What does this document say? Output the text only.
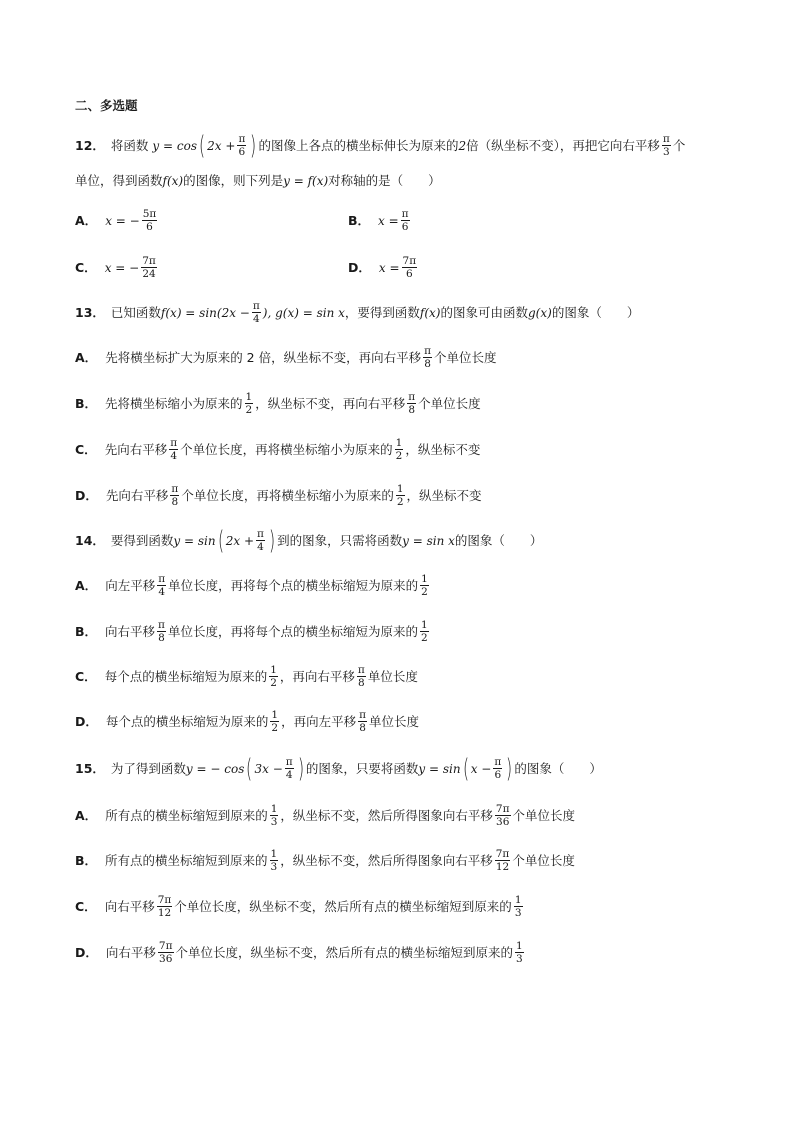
二、多选题
12． 将函数 y = cos ( $2x + \frac{\pi}{6}$ ) 的图像上各点的横坐标伸长为原来的 2 倍（纵坐标不变），再把它向右平移 $\frac{\pi}{3}$ 个
单位，得到函数 f(x) 的图像，则下列是 y = f(x) 对称轴的是（　　）
A． x = − $\frac{5\pi}{6}$	B． $x = \frac{\pi}{6}$
C． x = − $\frac{7\pi}{24}$	D． $x = \frac{7\pi}{6}$
13． 已知函数 $f(x) = \sin(2x - \frac{\pi}{4}$ ), g(x) = sin x ，要得到函数 f(x) 的图象可由函数 g(x) 的图象（　　）
A． 先将横坐标扩大为原来的 2 倍，纵坐标不变，再向右平移 $\frac{\pi}{8}$ 个单位长度
B． 先将横坐标缩小为原来的 $\frac{1}{2}$ ，纵坐标不变，再向右平移 $\frac{\pi}{8}$ 个单位长度
C． 先向右平移 $\frac{\pi}{4}$ 个单位长度，再将横坐标缩小为原来的 $\frac{1}{2}$ ，纵坐标不变
D． 先向右平移 $\frac{\pi}{8}$ 个单位长度，再将横坐标缩小为原来的 $\frac{1}{2}$ ，纵坐标不变
14． 要得到函数 y = sin ( $2x + \frac{\pi}{4}$ ) 到的图象，只需将函数 y = sin x 的图象（　　）
A． 向左平移 $\frac{\pi}{4}$ 单位长度，再将每个点的横坐标缩短为原来的 $\frac{1}{2}$
B． 向右平移 $\frac{\pi}{8}$ 单位长度，再将每个点的横坐标缩短为原来的 $\frac{1}{2}$
C． 每个点的横坐标缩短为原来的 $\frac{1}{2}$ ，再向右平移 $\frac{\pi}{8}$ 单位长度
D． 每个点的横坐标缩短为原来的 $\frac{1}{2}$ ，再向左平移 $\frac{\pi}{8}$ 单位长度
15． 为了得到函数 y = − cos ( $3x - \frac{\pi}{4}$ ) 的图象，只要将函数 y = sin ( $x - \frac{\pi}{6}$ ) 的图象（　　）
A． 所有点的横坐标缩短到原来的 $\frac{1}{3}$ ，纵坐标不变，然后所得图象向右平移 $\frac{7\pi}{36}$ 个单位长度
B． 所有点的横坐标缩短到原来的 $\frac{1}{3}$ ，纵坐标不变，然后所得图象向右平移 $\frac{7\pi}{12}$ 个单位长度
C． 向右平移 $\frac{7\pi}{12}$ 个单位长度，纵坐标不变，然后所有点的横坐标缩短到原来的 $\frac{1}{3}$
D． 向右平移 $\frac{7\pi}{36}$ 个单位长度，纵坐标不变，然后所有点的横坐标缩短到原来的 $\frac{1}{3}$
